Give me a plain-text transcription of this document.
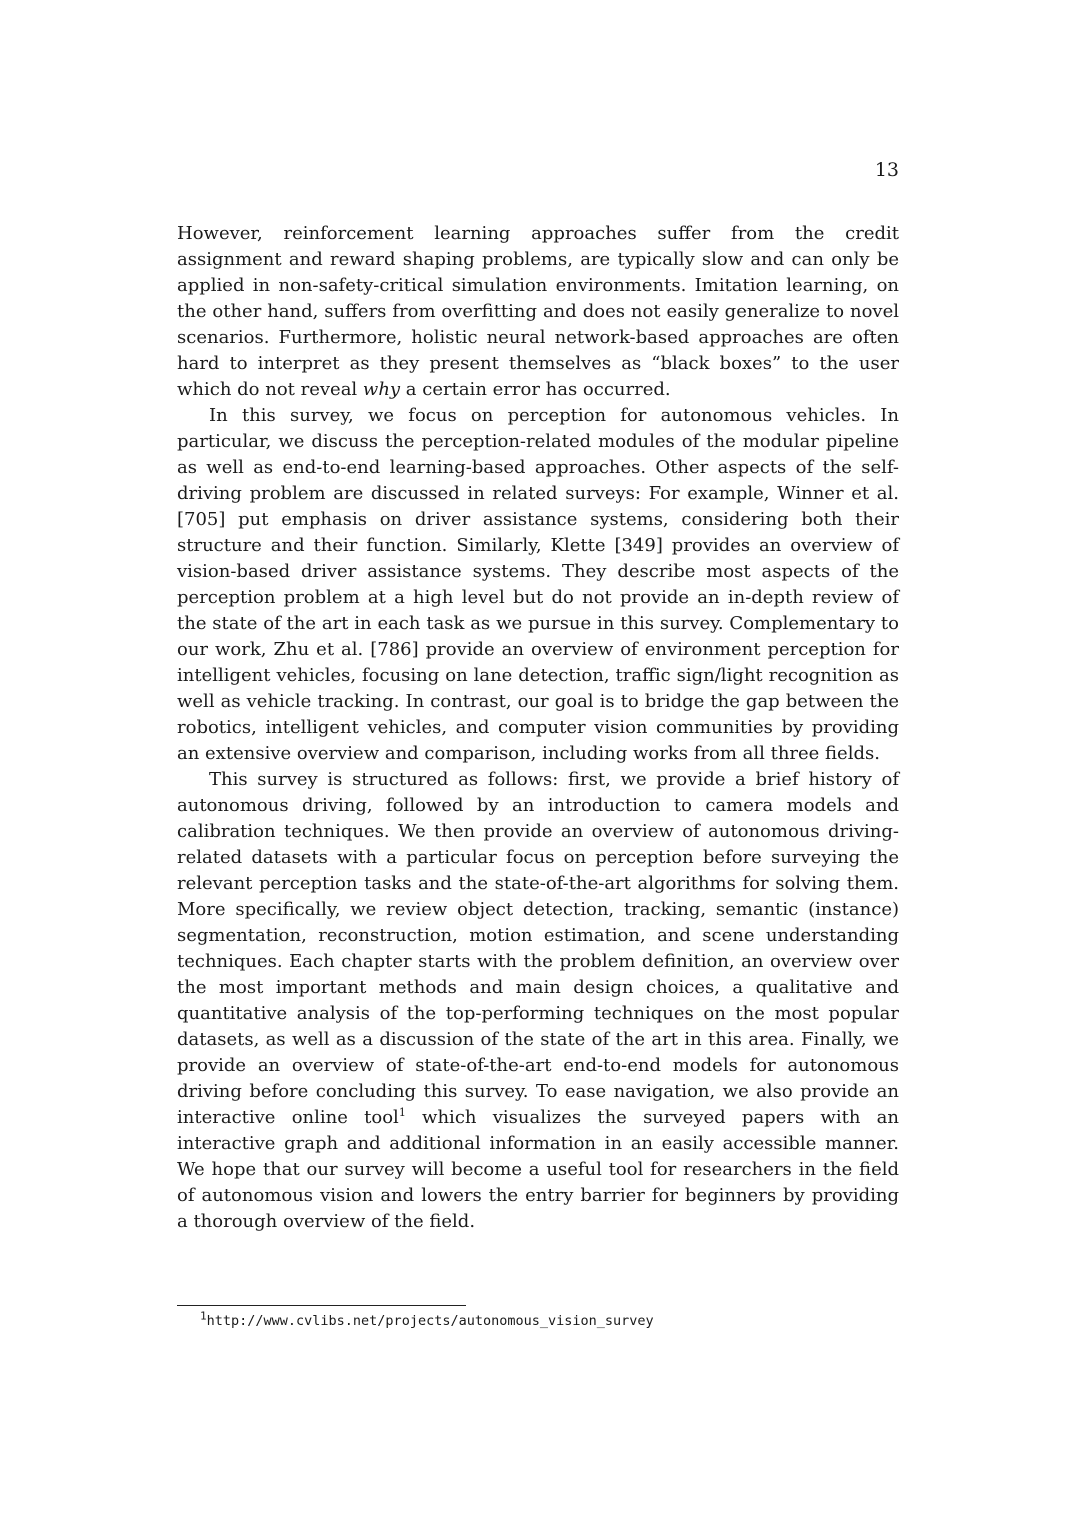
13

However, reinforcement learning approaches suffer from the credit assignment and reward shaping problems, are typically slow and can only be applied in non-safety-critical simulation environments. Imitation learning, on the other hand, suffers from overfitting and does not easily generalize to novel scenarios. Furthermore, holistic neural network-based approaches are often hard to interpret as they present themselves as “black boxes” to the user which do not reveal why a certain error has occurred.

In this survey, we focus on perception for autonomous vehicles. In particular, we discuss the perception-related modules of the modular pipeline as well as end-to-end learning-based approaches. Other aspects of the self-driving problem are discussed in related surveys: For example, Winner et al. [705] put emphasis on driver assistance systems, considering both their structure and their function. Similarly, Klette [349] provides an overview of vision-based driver assistance systems. They describe most aspects of the perception problem at a high level but do not provide an in-depth review of the state of the art in each task as we pursue in this survey. Complementary to our work, Zhu et al. [786] provide an overview of environment perception for intelligent vehicles, focusing on lane detection, traffic sign/light recognition as well as vehicle tracking. In contrast, our goal is to bridge the gap between the robotics, intelligent vehicles, and computer vision communities by providing an extensive overview and comparison, including works from all three fields.

This survey is structured as follows: first, we provide a brief history of autonomous driving, followed by an introduction to camera models and calibration techniques. We then provide an overview of autonomous driving-related datasets with a particular focus on perception before surveying the relevant perception tasks and the state-of-the-art algorithms for solving them. More specifically, we review object detection, tracking, semantic (instance) segmentation, reconstruction, motion estimation, and scene understanding techniques. Each chapter starts with the problem definition, an overview over the most important methods and main design choices, a qualitative and quantitative analysis of the top-performing techniques on the most popular datasets, as well as a discussion of the state of the art in this area. Finally, we provide an overview of state-of-the-art end-to-end models for autonomous driving before concluding this survey. To ease navigation, we also provide an interactive online tool$^1$ which visualizes the surveyed papers with an interactive graph and additional information in an easily accessible manner. We hope that our survey will become a useful tool for researchers in the field of autonomous vision and lowers the entry barrier for beginners by providing a thorough overview of the field.

$^1$http://www.cvlibs.net/projects/autonomous_vision_survey
